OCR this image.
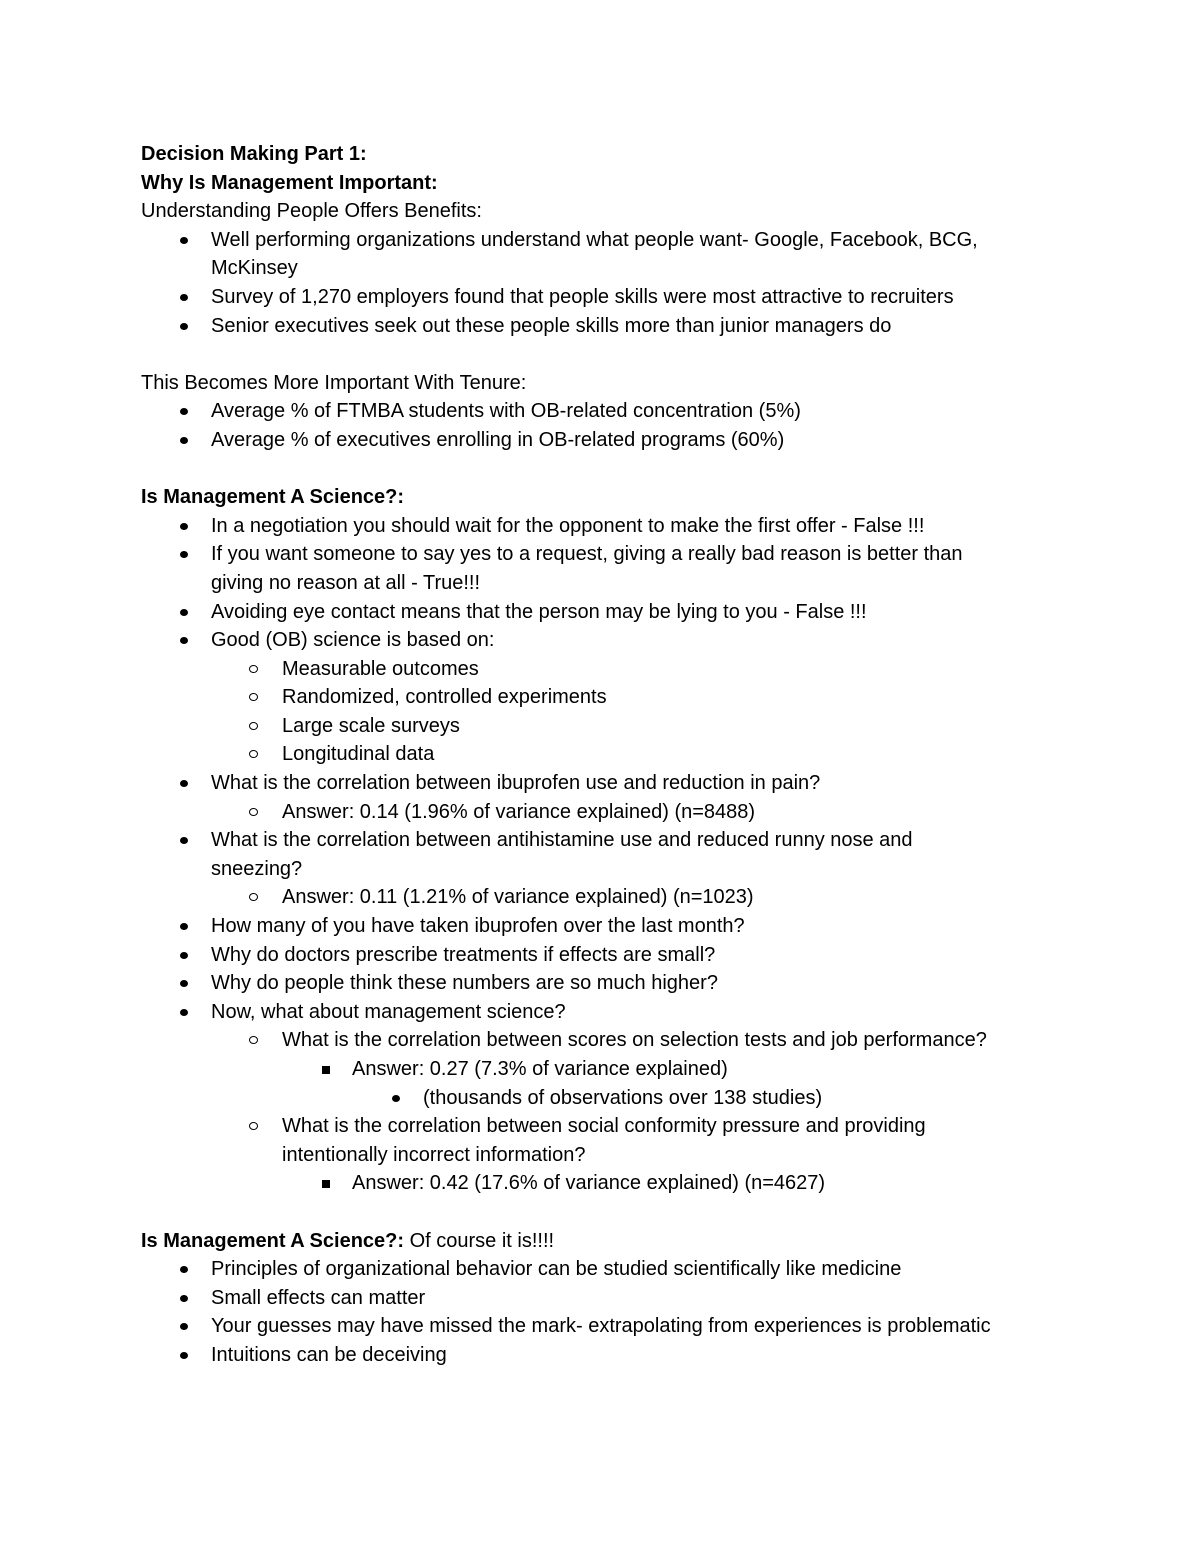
Decision Making Part 1:

Why Is Management Important:

Understanding People Offers Benefits:

Well performing organizations understand what people want- Google, Facebook, BCG,
McKinsey
Survey of 1,270 employers found that people skills were most attractive to recruiters
Senior executives seek out these people skills more than junior managers do

This Becomes More Important With Tenure:

Average % of FTMBA students with OB-related concentration (5%)
Average % of executives enrolling in OB-related programs (60%)

Is Management A Science?:

In a negotiation you should wait for the opponent to make the first offer - False !!!
If you want someone to say yes to a request, giving a really bad reason is better than
giving no reason at all - True!!!
Avoiding eye contact means that the person may be lying to you - False !!!
Good (OB) science is based on:
Measurable outcomes
Randomized, controlled experiments
Large scale surveys
Longitudinal data
What is the correlation between ibuprofen use and reduction in pain?
Answer: 0.14 (1.96% of variance explained) (n=8488)
What is the correlation between antihistamine use and reduced runny nose and
sneezing?
Answer: 0.11 (1.21% of variance explained) (n=1023)
How many of you have taken ibuprofen over the last month?
Why do doctors prescribe treatments if effects are small?
Why do people think these numbers are so much higher?
Now, what about management science?
What is the correlation between scores on selection tests and job performance?
Answer: 0.27 (7.3% of variance explained)
(thousands of observations over 138 studies)
What is the correlation between social conformity pressure and providing
intentionally incorrect information?
Answer: 0.42 (17.6% of variance explained) (n=4627)

Is Management A Science?: Of course it is!!!!

Principles of organizational behavior can be studied scientifically like medicine
Small effects can matter
Your guesses may have missed the mark- extrapolating from experiences is problematic
Intuitions can be deceiving
